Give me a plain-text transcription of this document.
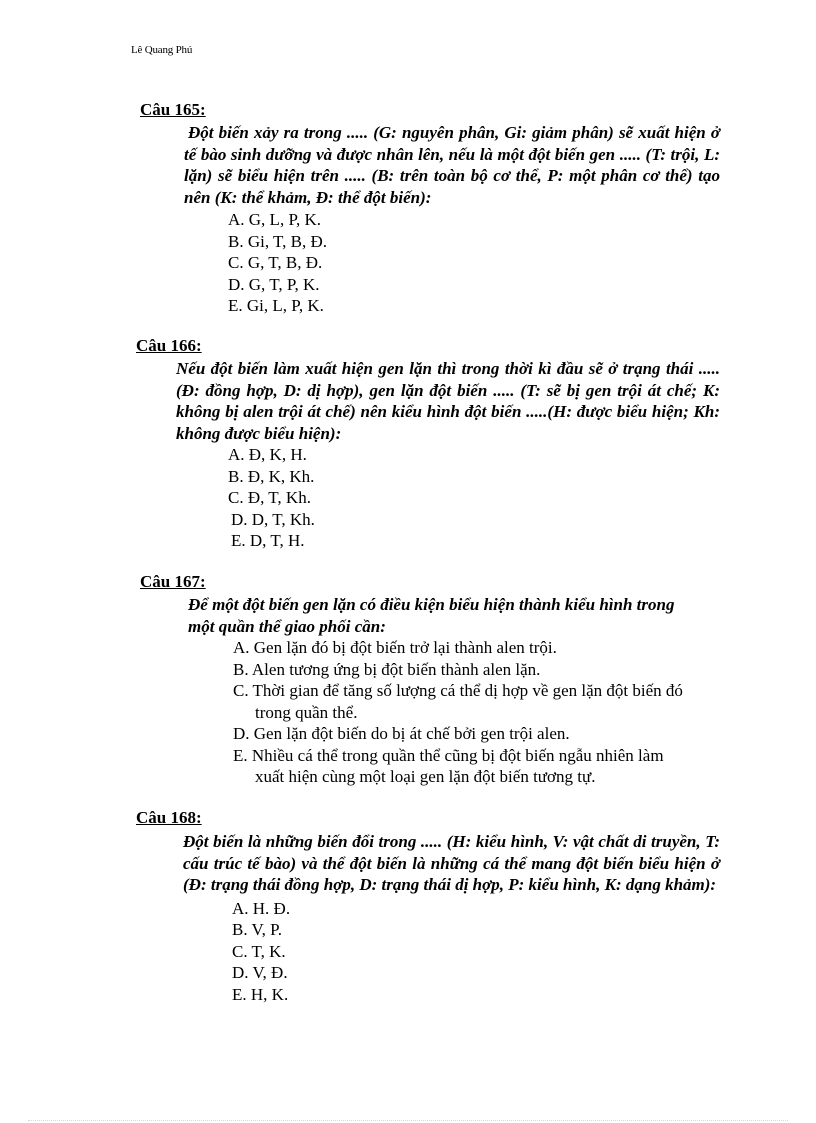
Lê Quang Phú
Câu 165:
Đột biến xảy ra trong ..... (G: nguyên phân, Gi: giảm phân) sẽ xuất hiện ở tế bào sinh dưỡng và được nhân lên, nếu là một đột biến gen ..... (T: trội, L: lặn) sẽ biểu hiện trên ..... (B: trên toàn bộ cơ thể, P: một phân cơ thể) tạo nên (K: thể khảm, Đ: thể đột biến):
A. G, L, P, K.
B. Gi, T, B, Đ.
C. G, T, B, Đ.
D. G, T, P, K.
E. Gi, L, P, K.
Câu 166:
Nếu đột biến làm xuất hiện gen lặn thì trong thời kì đầu sẽ ở trạng thái ..... (Đ: đồng hợp, D: dị hợp), gen lặn đột biến ..... (T: sẽ bị gen trội át chế; K: không bị alen trội át chế) nên kiểu hình đột biến .....(H: được biểu hiện; Kh: không được biểu hiện):
A. Đ, K, H.
B. Đ, K, Kh.
C. Đ, T, Kh.
D. D, T, Kh.
E. D, T, H.
Câu 167:
Để một đột biến gen lặn có điều kiện biểu hiện thành kiểu hình trong một quần thể giao phối cần:
A. Gen lặn đó bị đột biến trở lại thành alen trội.
B. Alen tương ứng bị đột biến thành alen lặn.
C. Thời gian để tăng số lượng cá thể dị hợp về gen lặn đột biến đó trong quần thể.
D. Gen lặn đột biến do bị át chế bởi gen trội alen.
E. Nhiều cá thể trong quần thể cũng bị đột biến ngẫu nhiên làm xuất hiện cùng một loại gen lặn đột biến tương tự.
Câu 168:
Đột biến là những biến đổi trong ..... (H: kiểu hình, V: vật chất di truyền, T: cấu trúc tế bào) và thể đột biến là những cá thể mang đột biến biểu hiện ở (Đ: trạng thái đồng hợp, D: trạng thái dị hợp, P: kiểu hình, K: dạng khảm):
A. H. Đ.
B. V, P.
C. T, K.
D. V, Đ.
E. H, K.
